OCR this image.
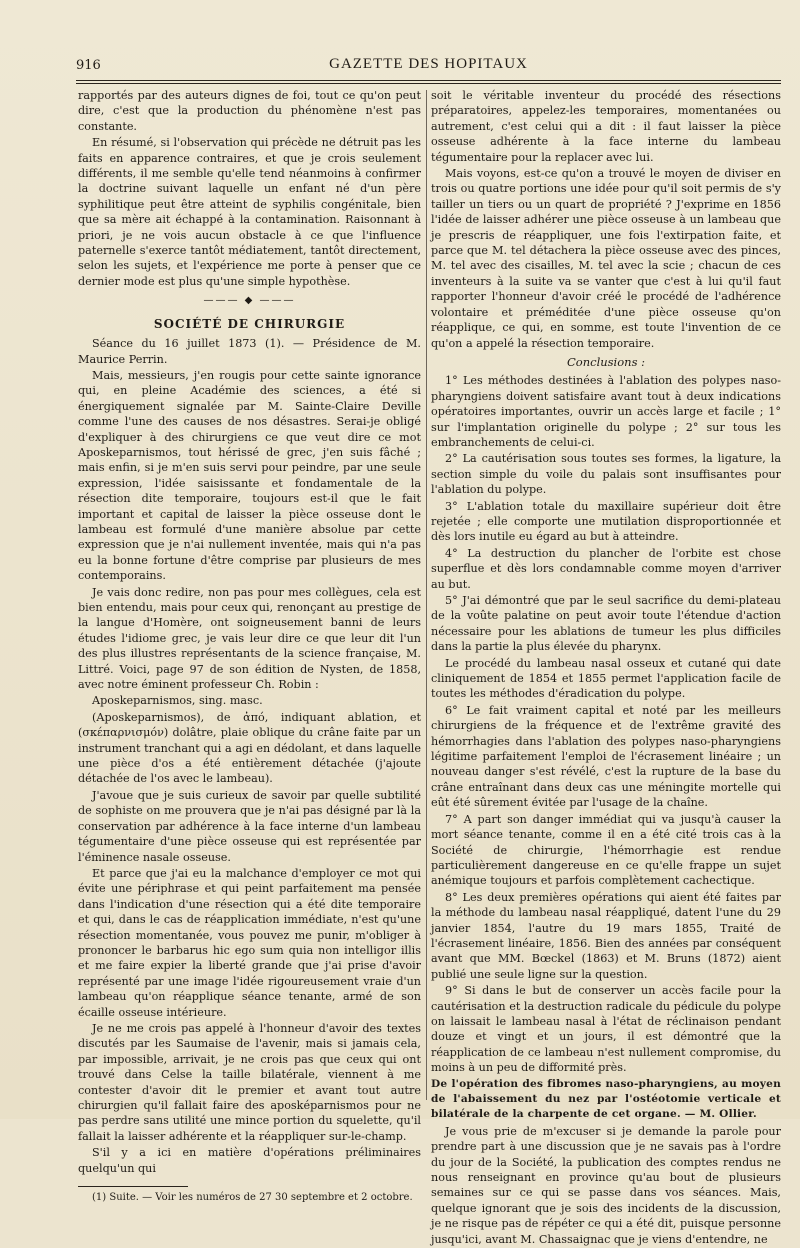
916	GAZETTE DES HOPITAUX

rapportés par des auteurs dignes de foi, tout ce qu'on peut dire, c'est que la production du phénomène n'est pas constante.

En résumé, si l'observation qui précède ne détruit pas les faits en apparence contraires, et que je crois seulement différents, il me semble qu'elle tend néanmoins à confirmer la doctrine suivant laquelle un enfant né d'un père syphilitique peut être atteint de syphilis congénitale, bien que sa mère ait échappé à la contamination. Raisonnant à priori, je ne vois aucun obstacle à ce que l'influence paternelle s'exerce tantôt médiatement, tantôt directement, selon les sujets, et l'expérience me porte à penser que ce dernier mode est plus qu'une simple hypothèse.

——— ◆ ———
SOCIÉTÉ DE CHIRURGIE

Séance du 16 juillet 1873 (1). — Présidence de M. Maurice Perrin.

Mais, messieurs, j'en rougis pour cette sainte ignorance qui, en pleine Académie des sciences, a été si énergiquement signalée par M. Sainte-Claire Deville comme l'une des causes de nos désastres. Serai-je obligé d'expliquer à des chirurgiens ce que veut dire ce mot Aposkeparnismos, tout hérissé de grec, j'en suis fâché ; mais enfin, si je m'en suis servi pour peindre, par une seule expression, l'idée saisissante et fondamentale de la résection dite temporaire, toujours est-il que le fait important et capital de laisser la pièce osseuse dont le lambeau est formulé d'une manière absolue par cette expression que je n'ai nullement inventée, mais qui n'a pas eu la bonne fortune d'être comprise par plusieurs de mes contemporains.

Je vais donc redire, non pas pour mes collègues, cela est bien entendu, mais pour ceux qui, renonçant au prestige de la langue d'Homère, ont soigneusement banni de leurs études l'idiome grec, je vais leur dire ce que leur dit l'un des plus illustres représentants de la science française, M. Littré. Voici, page 97 de son édition de Nysten, de 1858, avec notre éminent professeur Ch. Robin :

Aposkeparnismos, sing. masc.

(Aposkeparnismos), de ἀπό, indiquant ablation, et (σκέπαρνισμόν) dolâtre, plaie oblique du crâne faite par un instrument tranchant qui a agi en dédolant, et dans laquelle une pièce d'os a été entièrement détachée (j'ajoute détachée de l'os avec le lambeau).

J'avoue que je suis curieux de savoir par quelle subtilité de sophiste on me prouvera que je n'ai pas désigné par là la conservation par adhérence à la face interne d'un lambeau tégumentaire d'une pièce osseuse qui est représentée par l'éminence nasale osseuse.

Et parce que j'ai eu la malchance d'employer ce mot qui évite une périphrase et qui peint parfaitement ma pensée dans l'indication d'une résection qui a été dite temporaire et qui, dans le cas de réapplication immédiate, n'est qu'une résection momentanée, vous pouvez me punir, m'obliger à prononcer le barbarus hic ego sum quia non intelligor illis et me faire expier la liberté grande que j'ai prise d'avoir représenté par une image l'idée rigoureusement vraie d'un lambeau qu'on réapplique séance tenante, armé de son écaille osseuse intérieure.

Je ne me crois pas appelé à l'honneur d'avoir des textes discutés par les Saumaise de l'avenir, mais si jamais cela, par impossible, arrivait, je ne crois pas que ceux qui ont trouvé dans Celse la taille bilatérale, viennent à me contester d'avoir dit le premier et avant tout autre chirurgien qu'il fallait faire des aposképarnismos pour ne pas perdre sans utilité une mince portion du squelette, qu'il fallait la laisser adhérente et la réappliquer sur-le-champ.

S'il y a ici en matière d'opérations préliminaires quelqu'un qui

(1) Suite. — Voir les numéros de 27 30 septembre et 2 octobre.

soit le véritable inventeur du procédé des résections préparatoires, appelez-les temporaires, momentanées ou autrement, c'est celui qui a dit : il faut laisser la pièce osseuse adhérente à la face interne du lambeau tégumentaire pour la replacer avec lui.

Mais voyons, est-ce qu'on a trouvé le moyen de diviser en trois ou quatre portions une idée pour qu'il soit permis de s'y tailler un tiers ou un quart de propriété ? J'exprime en 1856 l'idée de laisser adhérer une pièce osseuse à un lambeau que je prescris de réappliquer, une fois l'extirpation faite, et parce que M. tel détachera la pièce osseuse avec des pinces, M. tel avec des cisailles, M. tel avec la scie ; chacun de ces inventeurs à la suite va se vanter que c'est à lui qu'il faut rapporter l'honneur d'avoir créé le procédé de l'adhérence volontaire et préméditée d'une pièce osseuse qu'on réapplique, ce qui, en somme, est toute l'invention de ce qu'on a appelé la résection temporaire.

Conclusions :

1° Les méthodes destinées à l'ablation des polypes naso-pharyngiens doivent satisfaire avant tout à deux indications opératoires importantes, ouvrir un accès large et facile ; 1° sur l'implantation originelle du polype ; 2° sur tous les embranchements de celui-ci.

2° La cautérisation sous toutes ses formes, la ligature, la section simple du voile du palais sont insuffisantes pour l'ablation du polype.

3° L'ablation totale du maxillaire supérieur doit être rejetée ; elle comporte une mutilation disproportionnée et dès lors inutile eu égard au but à atteindre.

4° La destruction du plancher de l'orbite est chose superflue et dès lors condamnable comme moyen d'arriver au but.

5° J'ai démontré que par le seul sacrifice du demi-plateau de la voûte palatine on peut avoir toute l'étendue d'action nécessaire pour les ablations de tumeur les plus difficiles dans la partie la plus élevée du pharynx.

Le procédé du lambeau nasal osseux et cutané qui date cliniquement de 1854 et 1855 permet l'application facile de toutes les méthodes d'éradication du polype.

6° Le fait vraiment capital et noté par les meilleurs chirurgiens de la fréquence et de l'extrême gravité des hémorrhagies dans l'ablation des polypes naso-pharyngiens légitime parfaitement l'emploi de l'écrasement linéaire ; un nouveau danger s'est révélé, c'est la rupture de la base du crâne entraînant dans deux cas une méningite mortelle qui eût été sûrement évitée par l'usage de la chaîne.

7° A part son danger immédiat qui va jusqu'à causer la mort séance tenante, comme il en a été cité trois cas à la Société de chirurgie, l'hémorrhagie est rendue particulièrement dangereuse en ce qu'elle frappe un sujet anémique toujours et parfois complètement cachectique.

8° Les deux premières opérations qui aient été faites par la méthode du lambeau nasal réappliqué, datent l'une du 29 janvier 1854, l'autre du 19 mars 1855, Traité de l'écrasement linéaire, 1856. Bien des années par conséquent avant que MM. Bœckel (1863) et M. Bruns (1872) aient publié une seule ligne sur la question.

9° Si dans le but de conserver un accès facile pour la cautérisation et la destruction radicale du pédicule du polype on laissait le lambeau nasal à l'état de réclinaison pendant douze et vingt et un jours, il est démontré que la réapplication de ce lambeau n'est nullement compromise, du moins à un peu de difformité près.

De l'opération des fibromes naso-pharyngiens, au moyen de l'abaissement du nez par l'ostéotomie verticale et bilatérale de la charpente de cet organe. — M. Ollier.

Je vous prie de m'excuser si je demande la parole pour prendre part à une discussion que je ne savais pas à l'ordre du jour de la Société, la publication des comptes rendus ne nous renseignant en province qu'au bout de plusieurs semaines sur ce qui se passe dans vos séances. Mais, quelque ignorant que je sois des incidents de la discussion, je ne risque pas de répéter ce qui a été dit, puisque personne jusqu'ici, avant M. Chassaignac que je viens d'entendre, ne
